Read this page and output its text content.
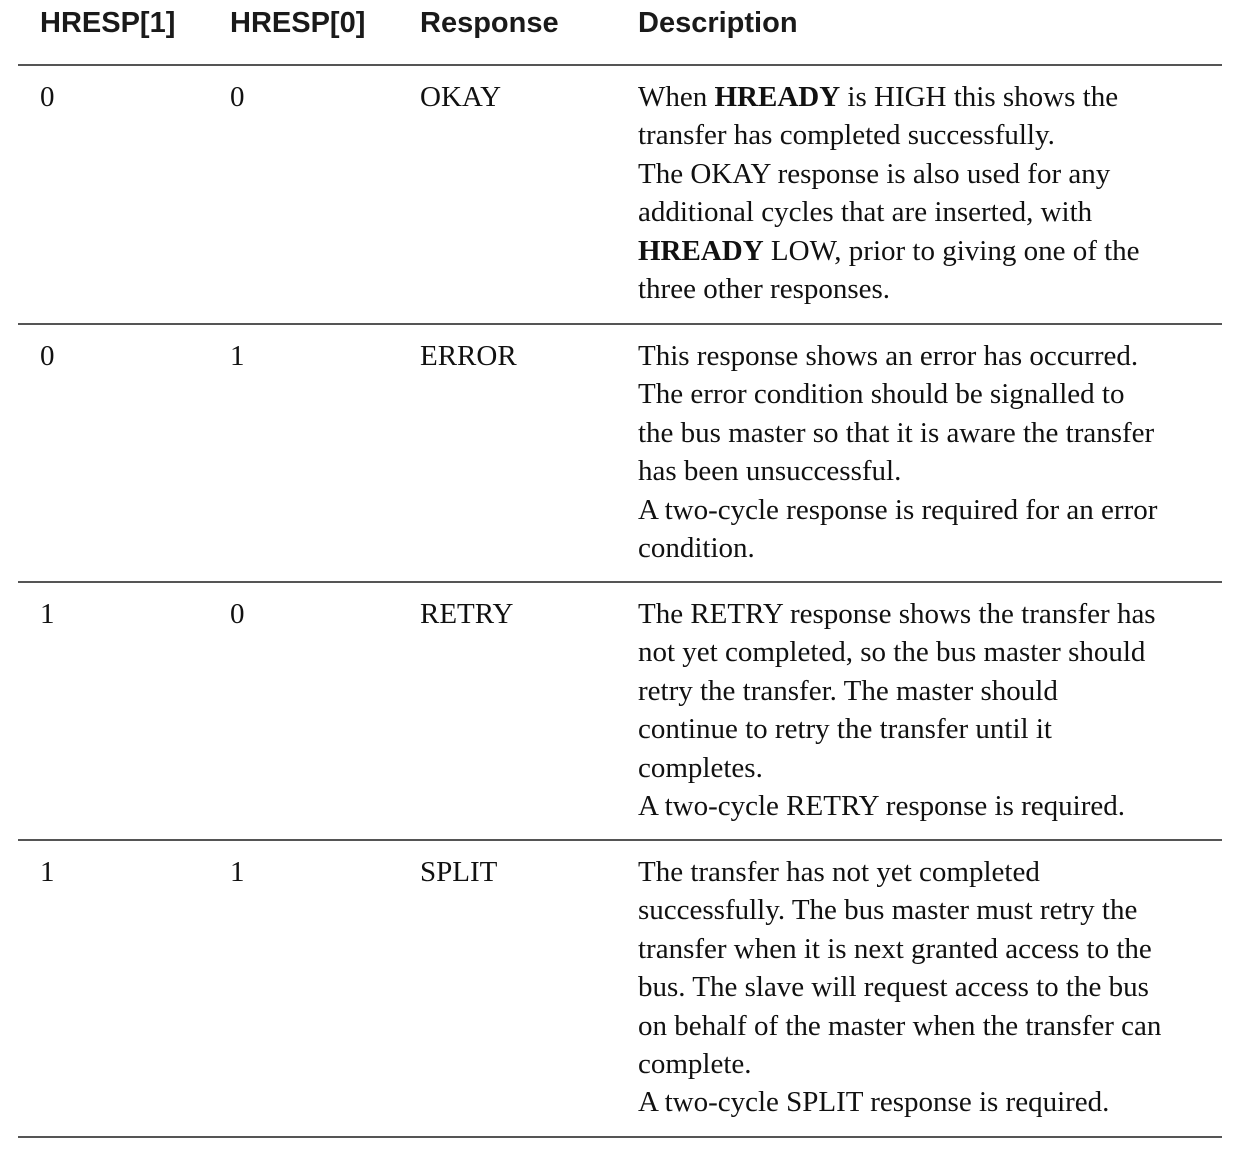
HRESP[1] HRESP[0] Response	Description
0	0	OKAY	When HREADY is HIGH this shows the
transfer has completed successfully.
The OKAY response is also used for any
additional cycles that are inserted, with
HREADY LOW, prior to giving one of the
three other responses.
0	1	ERROR	This response shows an error has occurred.
The error condition should be signalled to
the bus master so that it is aware the transfer
has been unsuccessful.
A two-cycle response is required for an error
condition.
1	0	RETRY	The RETRY response shows the transfer has
not yet completed, so the bus master should
retry the transfer. The master should
continue to retry the transfer until it
completes.
A two-cycle RETRY response is required.
1	1	SPLIT	The transfer has not yet completed
successfully. The bus master must retry the
transfer when it is next granted access to the
bus. The slave will request access to the bus
on behalf of the master when the transfer can
complete.
A two-cycle SPLIT response is required.
